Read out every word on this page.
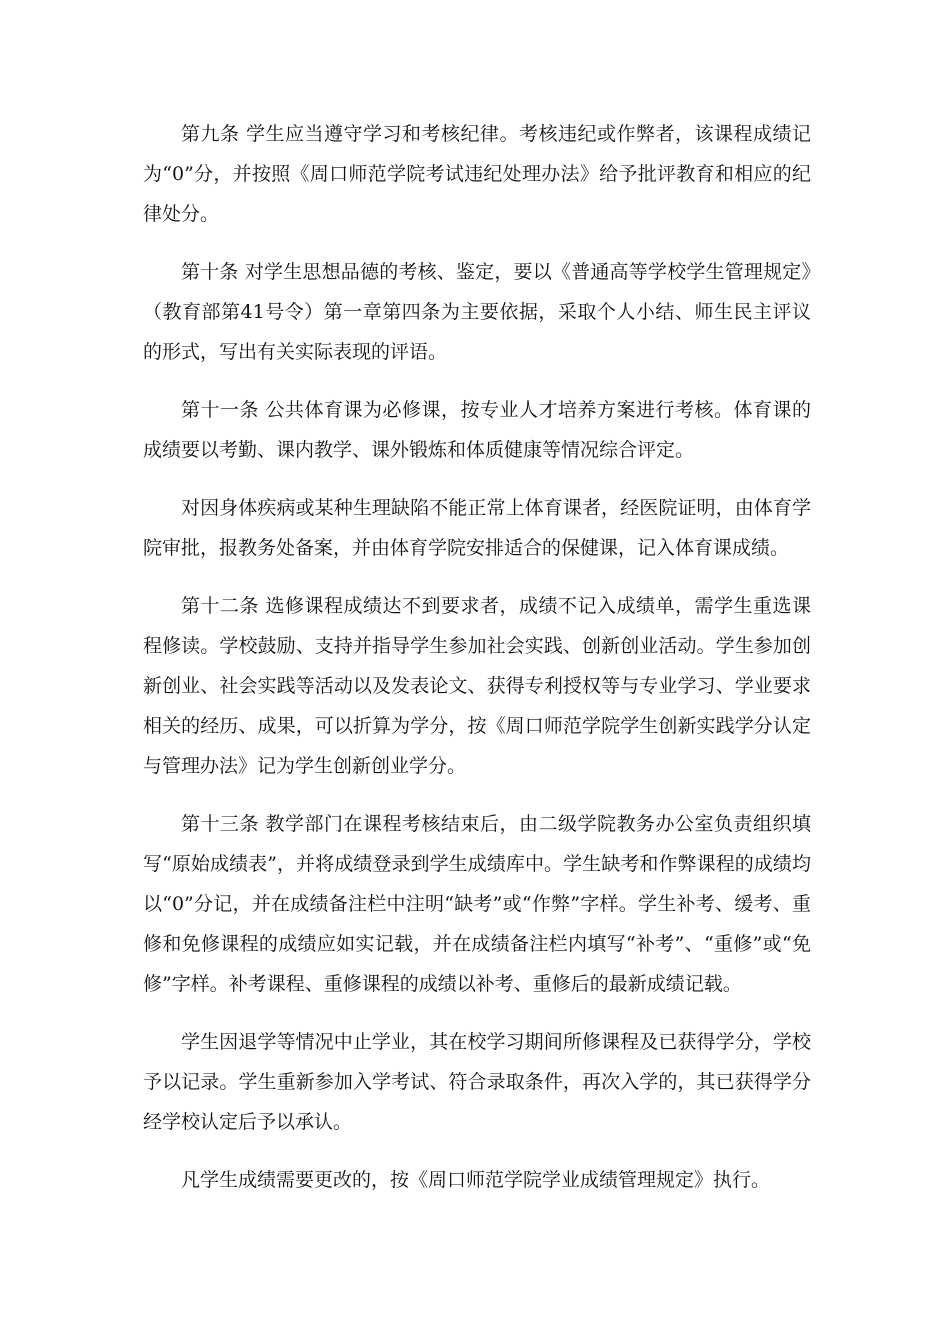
第九条 学生应当遵守学习和考核纪律。考核违纪或作弊者，该课程成绩记为“0”分，并按照《周口师范学院考试违纪处理办法》给予批评教育和相应的纪律处分。

第十条 对学生思想品德的考核、鉴定，要以《普通高等学校学生管理规定》（教育部第41号令）第一章第四条为主要依据，采取个人小结、师生民主评议的形式，写出有关实际表现的评语。

第十一条 公共体育课为必修课，按专业人才培养方案进行考核。体育课的成绩要以考勤、课内教学、课外锻炼和体质健康等情况综合评定。

对因身体疾病或某种生理缺陷不能正常上体育课者，经医院证明，由体育学院审批，报教务处备案，并由体育学院安排适合的保健课，记入体育课成绩。

第十二条 选修课程成绩达不到要求者，成绩不记入成绩单，需学生重选课程修读。学校鼓励、支持并指导学生参加社会实践、创新创业活动。学生参加创新创业、社会实践等活动以及发表论文、获得专利授权等与专业学习、学业要求相关的经历、成果，可以折算为学分，按《周口师范学院学生创新实践学分认定与管理办法》记为学生创新创业学分。

第十三条 教学部门在课程考核结束后，由二级学院教务办公室负责组织填写“原始成绩表”，并将成绩登录到学生成绩库中。学生缺考和作弊课程的成绩均以“0”分记，并在成绩备注栏中注明“缺考”或“作弊”字样。学生补考、缓考、重修和免修课程的成绩应如实记载，并在成绩备注栏内填写“补考”、“重修”或“免修”字样。补考课程、重修课程的成绩以补考、重修后的最新成绩记载。

学生因退学等情况中止学业，其在校学习期间所修课程及已获得学分，学校予以记录。学生重新参加入学考试、符合录取条件，再次入学的，其已获得学分经学校认定后予以承认。

凡学生成绩需要更改的，按《周口师范学院学业成绩管理规定》执行。
